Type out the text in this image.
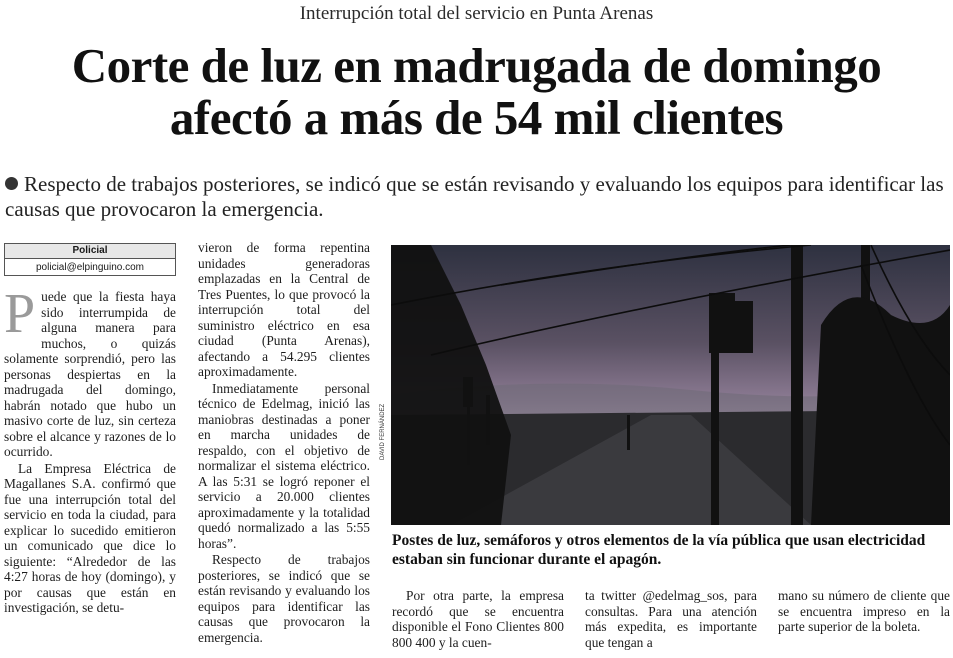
Interrupción total del servicio en Punta Arenas
Corte de luz en madrugada de domingo
afectó a más de 54 mil clientes
Respecto de trabajos posteriores, se indicó que se están revisando y evaluando los equipos para identificar las causas que provocaron la emergencia.
Policial
policial@elpinguino.com
P uede que la fiesta haya sido interrumpida de alguna manera para muchos, o quizás solamente sorprendió, pero las personas despiertas en la madrugada del domingo, habrán notado que hubo un masivo corte de luz, sin certeza sobre el alcance y razones de lo ocurrido.

La Empresa Eléctrica de Magallanes S.A. confirmó que fue una interrupción total del servicio en toda la ciudad, para explicar lo sucedido emitieron un comunicado que dice lo siguiente: “Alrededor de las 4:27 horas de hoy (domingo), y por causas que están en investigación, se detu-

vieron de forma repentina unidades generadoras emplazadas en la Central de Tres Puentes, lo que provocó la interrupción total del suministro eléctrico en esa ciudad (Punta Arenas), afectando a 54.295 clientes aproximadamente.

Inmediatamente personal técnico de Edelmag, inició las maniobras destinadas a poner en marcha unidades de respaldo, con el objetivo de normalizar el sistema eléctrico. A las 5:31 se logró reponer el servicio a 20.000 clientes aproximadamente y la totalidad quedó normalizado a las 5:55 horas”.

Respecto de trabajos posteriores, se indicó que se están revisando y evaluando los equipos para identificar las causas que provocaron la emergencia.

DAVID FERNÁNDEZ
Postes de luz, semáforos y otros elementos de la vía pública que usan electricidad estaban sin funcionar durante el apagón.

Por otra parte, la empresa recordó que se encuentra disponible el Fono Clientes 800 800 400 y la cuen-

ta twitter @edelmag_sos, para consultas. Para una atención más expedita, es importante que tengan a

mano su número de cliente que se encuentra impreso en la parte superior de la boleta.
